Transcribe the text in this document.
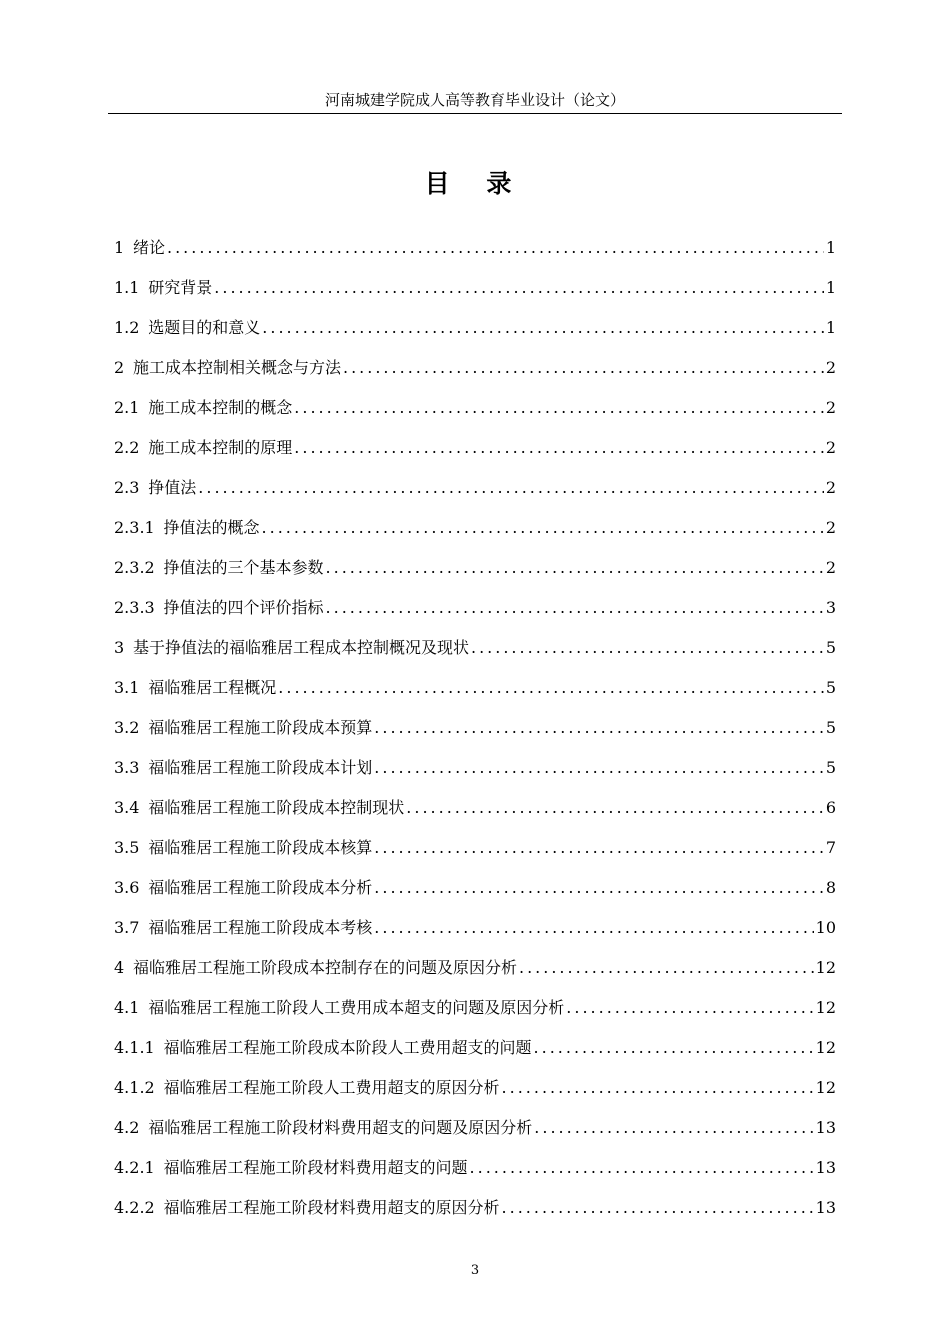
河南城建学院成人高等教育毕业设计（论文）
目 录
1 绪论 .....	1
1.1 研究背景 .....	1
1.2 选题目的和意义 .....	1
2 施工成本控制相关概念与方法 .....	2
2.1 施工成本控制的概念 .....	2
2.2 施工成本控制的原理 .....	2
2.3 挣值法 .....	2
2.3.1 挣值法的概念 .....	2
2.3.2 挣值法的三个基本参数 .....	2
2.3.3 挣值法的四个评价指标 .....	3
3 基于挣值法的福临雅居工程成本控制概况及现状 .....	5
3.1 福临雅居工程概况 .....	5
3.2 福临雅居工程施工阶段成本预算 .....	5
3.3 福临雅居工程施工阶段成本计划 .....	5
3.4 福临雅居工程施工阶段成本控制现状 .....	6
3.5 福临雅居工程施工阶段成本核算 .....	7
3.6 福临雅居工程施工阶段成本分析 .....	8
3.7 福临雅居工程施工阶段成本考核 .....	10
4 福临雅居工程施工阶段成本控制存在的问题及原因分析 .....	12
4.1 福临雅居工程施工阶段人工费用成本超支的问题及原因分析 .....	12
4.1.1 福临雅居工程施工阶段成本阶段人工费用超支的问题 .....	12
4.1.2 福临雅居工程施工阶段人工费用超支的原因分析 .....	12
4.2 福临雅居工程施工阶段材料费用超支的问题及原因分析 .....	13
4.2.1 福临雅居工程施工阶段材料费用超支的问题 .....	13
4.2.2 福临雅居工程施工阶段材料费用超支的原因分析 .....	13
3
